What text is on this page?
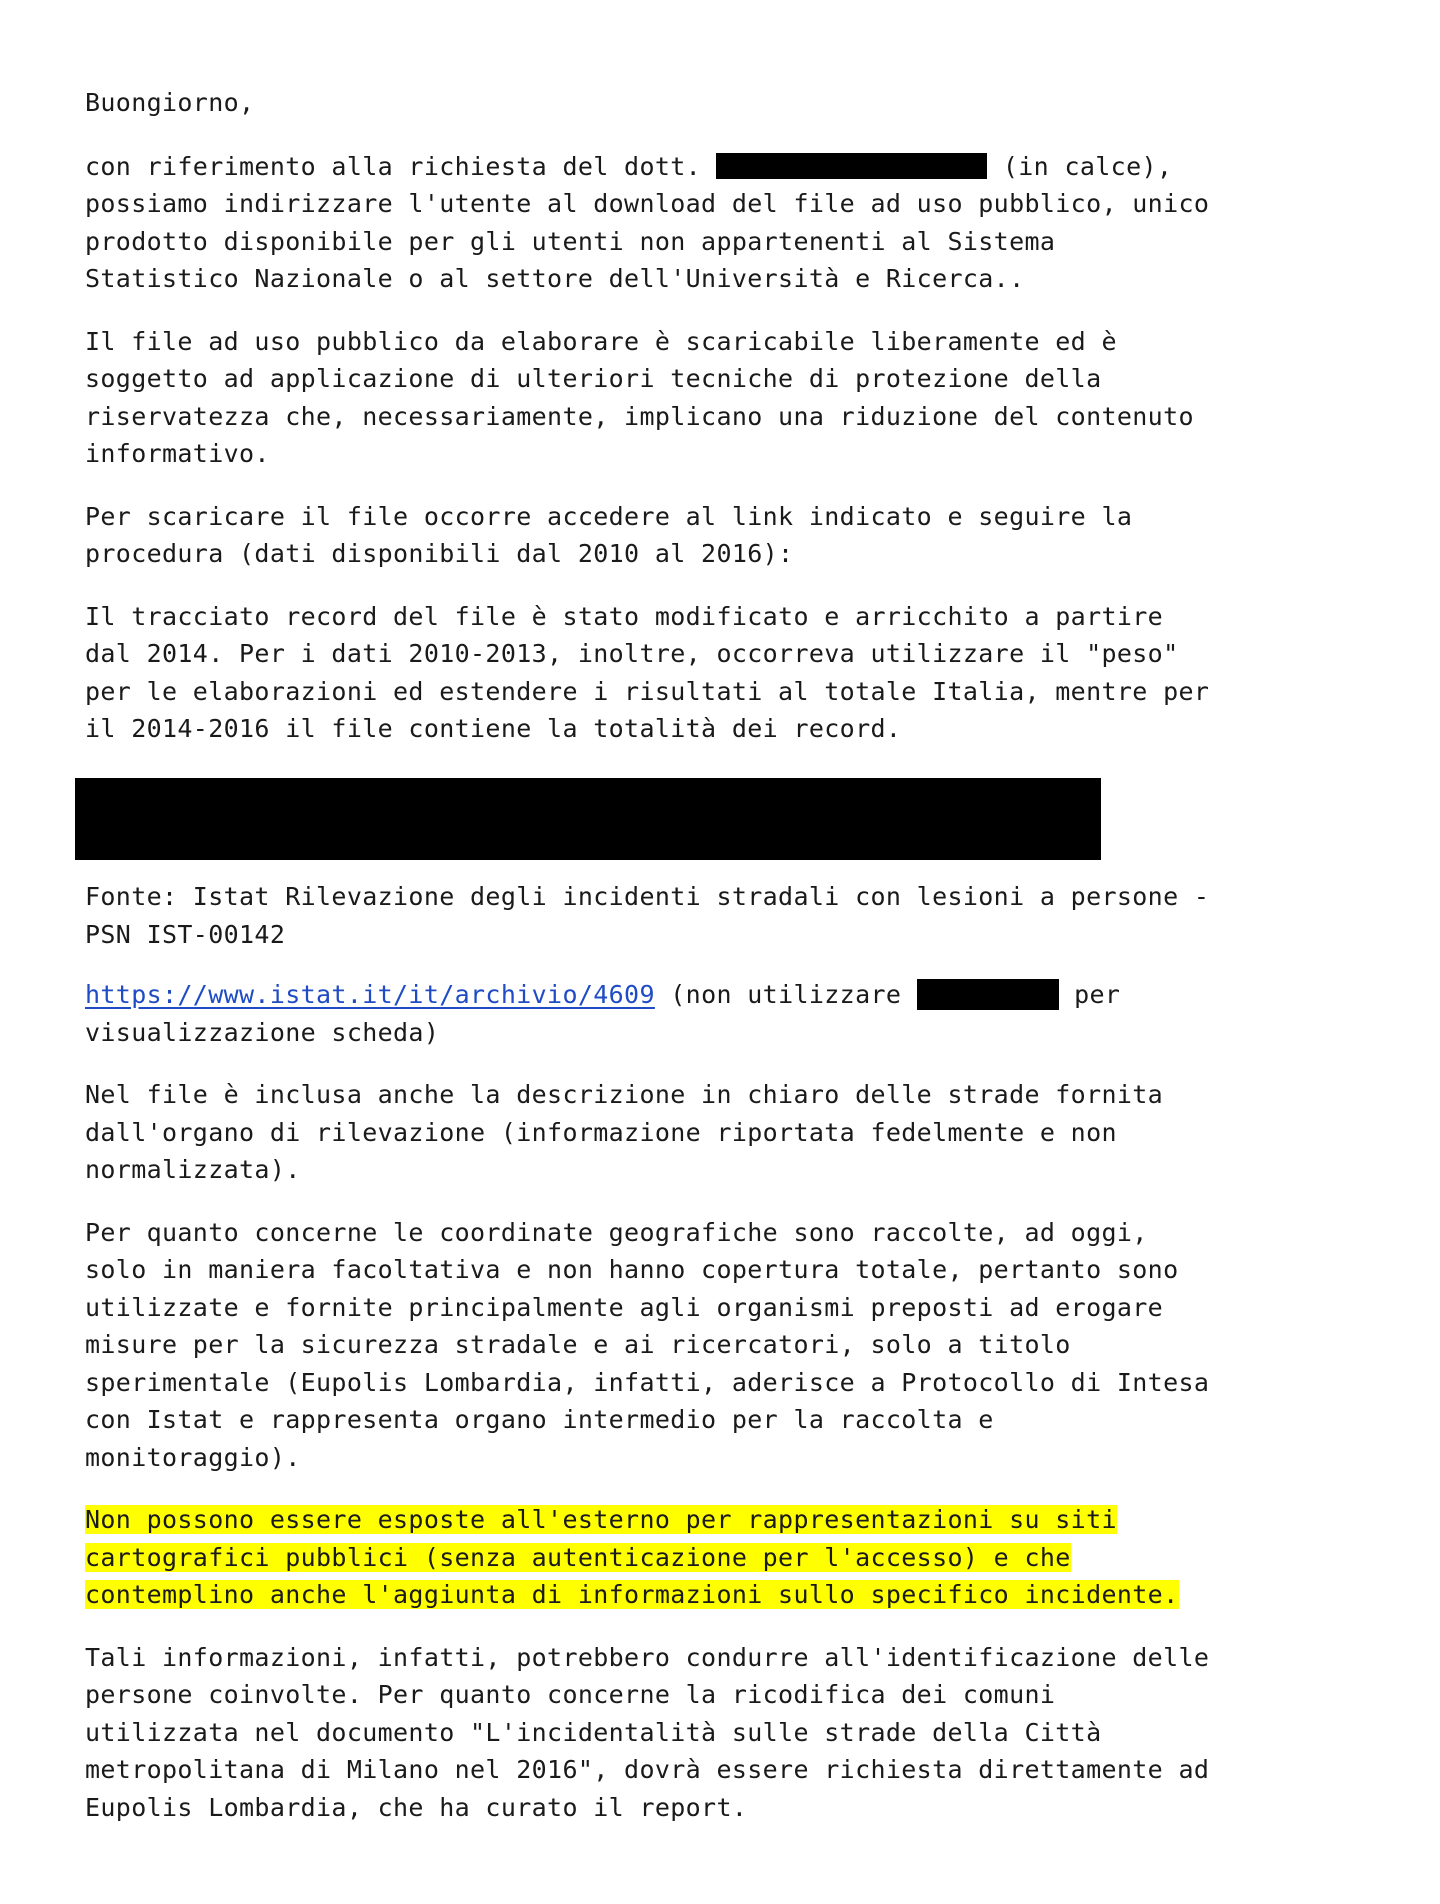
Buongiorno,

con riferimento alla richiesta del dott.	(in calce),
possiamo indirizzare l'utente al download del file ad uso pubblico, unico
prodotto disponibile per gli utenti non appartenenti al Sistema
Statistico Nazionale o al settore dell'Università e Ricerca..

Il file ad uso pubblico da elaborare è scaricabile liberamente ed è
soggetto ad applicazione di ulteriori tecniche di protezione della
riservatezza che, necessariamente, implicano una riduzione del contenuto
informativo.

Per scaricare il file occorre accedere al link indicato e seguire la
procedura (dati disponibili dal 2010 al 2016):

Il tracciato record del file è stato modificato e arricchito a partire
dal 2014. Per i dati 2010-2013, inoltre, occorreva utilizzare il "peso"
per le elaborazioni ed estendere i risultati al totale Italia, mentre per
il 2014-2016 il file contiene la totalità dei record.

Fonte: Istat Rilevazione degli incidenti stradali con lesioni a persone -
PSN IST-00142

https://www.istat.it/it/archivio/4609 (non utilizzare	per
visualizzazione scheda)

Nel file è inclusa anche la descrizione in chiaro delle strade fornita
dall'organo di rilevazione (informazione riportata fedelmente e non
normalizzata).

Per quanto concerne le coordinate geografiche sono raccolte, ad oggi,
solo in maniera facoltativa e non hanno copertura totale, pertanto sono
utilizzate e fornite principalmente agli organismi preposti ad erogare
misure per la sicurezza stradale e ai ricercatori, solo a titolo
sperimentale (Eupolis Lombardia, infatti, aderisce a Protocollo di Intesa
con Istat e rappresenta organo intermedio per la raccolta e
monitoraggio).

Non possono essere esposte all'esterno per rappresentazioni su siti
cartografici pubblici (senza autenticazione per l'accesso) e che
contemplino anche l'aggiunta di informazioni sullo specifico incidente.

Tali informazioni, infatti, potrebbero condurre all'identificazione delle
persone coinvolte. Per quanto concerne la ricodifica dei comuni
utilizzata nel documento "L'incidentalità sulle strade della Città
metropolitana di Milano nel 2016", dovrà essere richiesta direttamente ad
Eupolis Lombardia, che ha curato il report.
